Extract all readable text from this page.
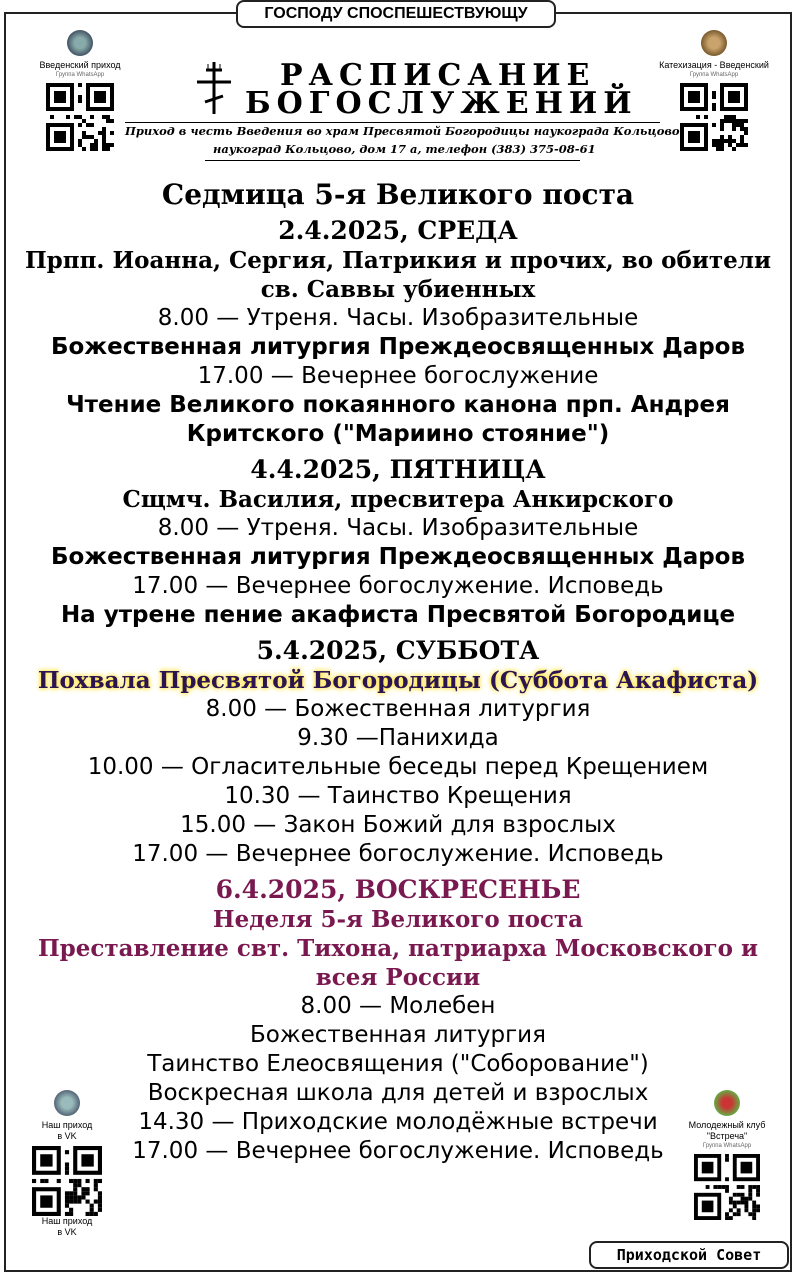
ГОСПОДУ СПОСПЕШЕСТВУЮЩУ
Приходской Совет
Введенский приход
Группа WhatsApp
Катехизация - Введенский
Группа WhatsApp
Наш приход
в VK
Наш приход
в VK
Молодежный клуб "Встреча"
Группа WhatsApp
РАСПИСАНИЕ
БОГОСЛУЖЕНИЙ
Приход в честь Введения во храм Пресвятой Богородицы наукограда Кольцово
наукоград Кольцово, дом 17 а, телефон (383) 375-08-61
Седмица 5-я Великого поста
2.4.2025, СРЕДА
Прпп. Иоанна, Сергия, Патрикия и прочих, во обители
св. Саввы убиенных
8.00 — Утреня. Часы. Изобразительные
Божественная литургия Преждеосвященных Даров
17.00 — Вечернее богослужение
Чтение Великого покаянного канона прп. Андрея
Критского ("Мариино стояние")
4.4.2025, ПЯТНИЦА
Сщмч. Василия, пресвитера Анкирского
8.00 — Утреня. Часы. Изобразительные
Божественная литургия Преждеосвященных Даров
17.00 — Вечернее богослужение. Исповедь
На утрене пение акафиста Пресвятой Богородице
5.4.2025, СУББОТА
Похвала Пресвятой Богородицы (Суббота Акафиста)
8.00 — Божественная литургия
9.30 —Панихида
10.00 — Огласительные беседы перед Крещением
10.30 — Таинство Крещения
15.00 — Закон Божий для взрослых
17.00 — Вечернее богослужение. Исповедь
6.4.2025, ВОСКРЕСЕНЬЕ
Неделя 5-я Великого поста
Преставление свт. Тихона, патриарха Московского и
всея России
8.00 — Молебен
Божественная литургия
Таинство Елеосвящения ("Соборование")
Воскресная школа для детей и взрослых
14.30 — Приходские молодёжные встречи
17.00 — Вечернее богослужение. Исповедь
